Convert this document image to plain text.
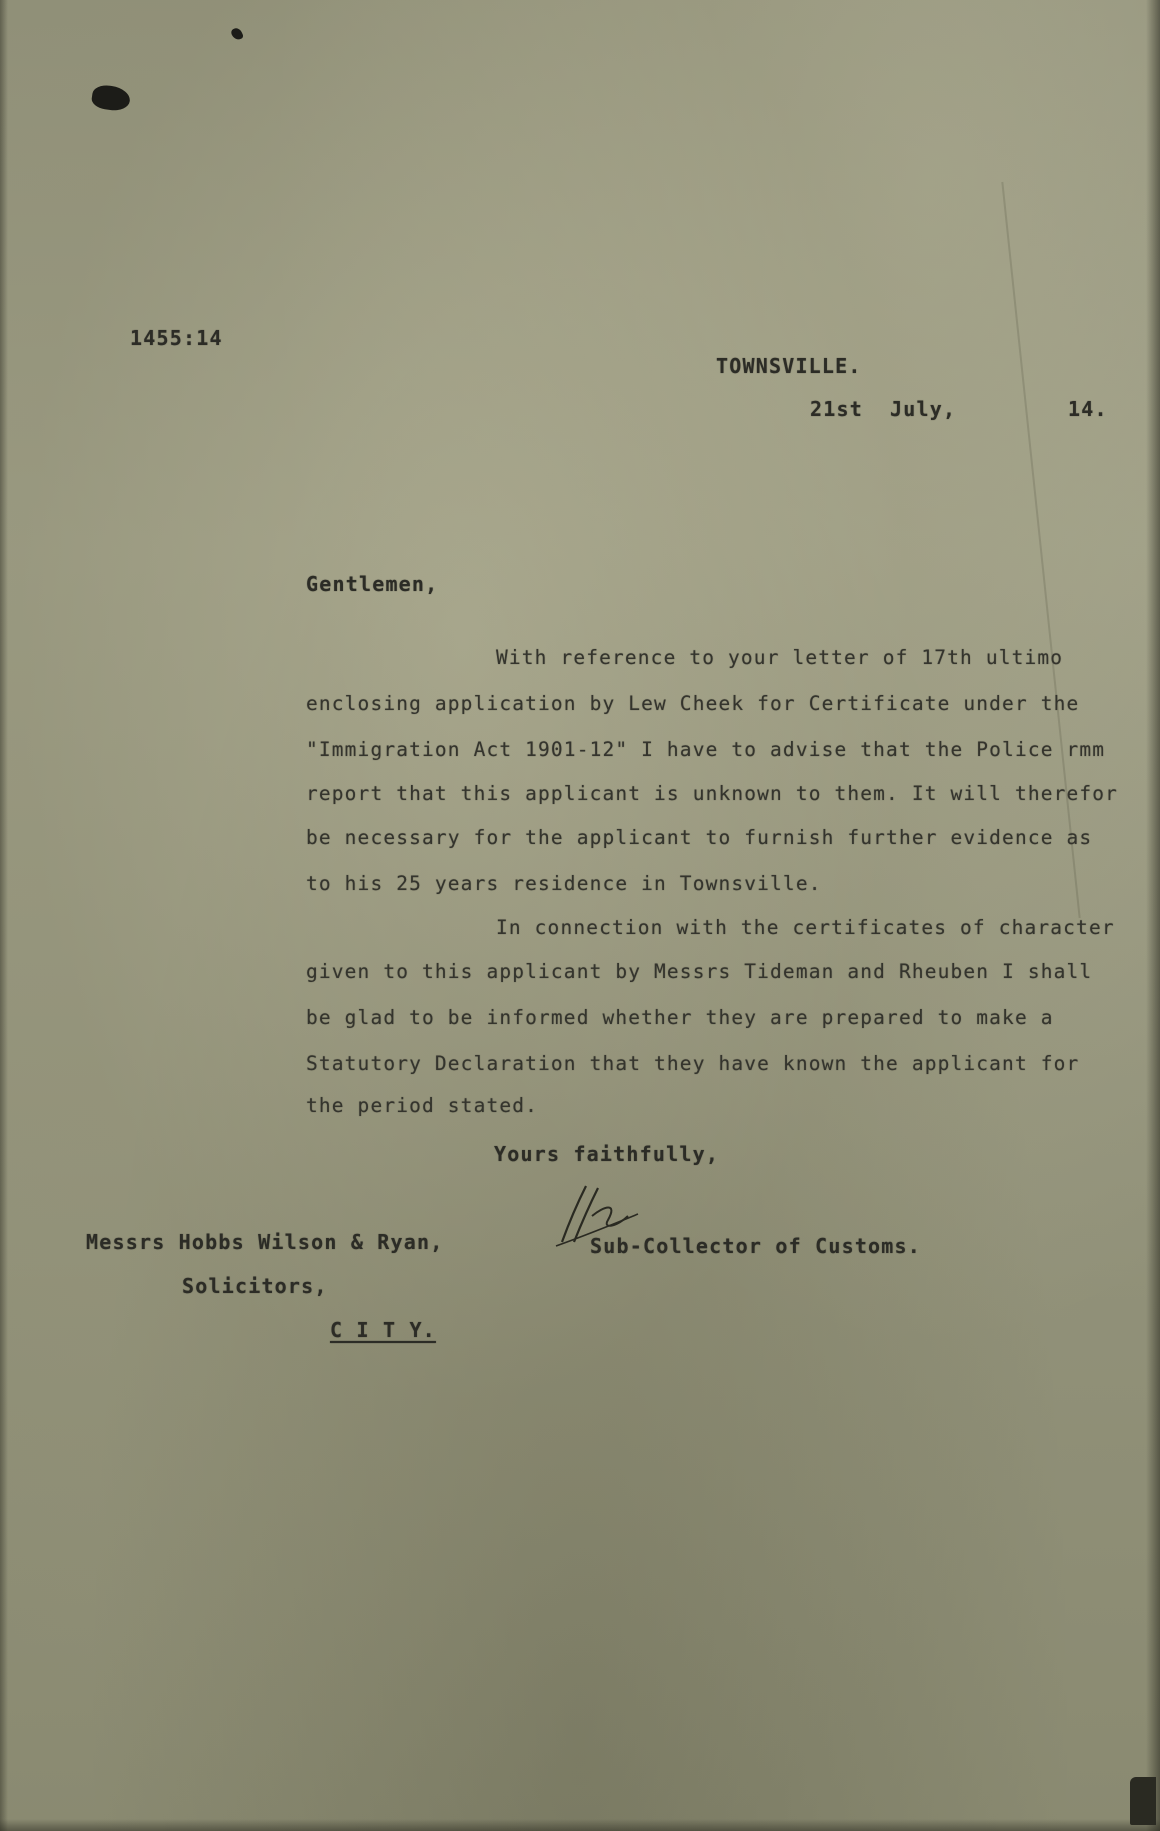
1455:14
TOWNSVILLE.
21st July,	14.
Gentlemen,
With reference to your letter of 17th ultimo
enclosing application by Lew Cheek for Certificate under the
"Immigration Act 1901-12" I have to advise that the Police rmm
report that this applicant is unknown to them. It will therefor
be necessary for the applicant to furnish further evidence as
to his 25 years residence in Townsville.
In connection with the certificates of character
given to this applicant by Messrs Tideman and Rheuben I shall
be glad to be informed whether they are prepared to make a
Statutory Declaration that they have known the applicant for
the period stated.
Yours faithfully,
Sub-Collector of Customs.
Messrs Hobbs Wilson & Ryan,
Solicitors,
C I T Y.
